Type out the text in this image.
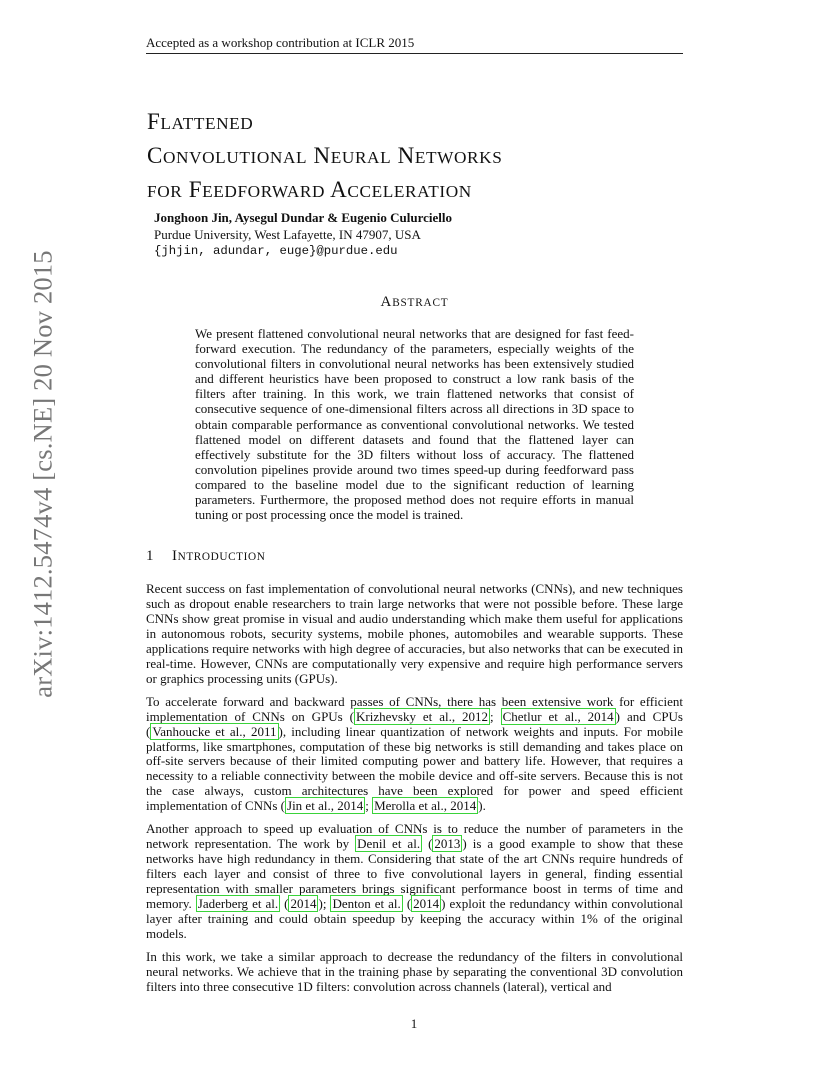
Accepted as a workshop contribution at ICLR 2015
arXiv:1412.5474v4 [cs.NE] 20 Nov 2015
FLATTENED
CONVOLUTIONAL NEURAL NETWORKS
FOR FEEDFORWARD ACCELERATION
Jonghoon Jin, Aysegul Dundar & Eugenio Culurciello
Purdue University, West Lafayette, IN 47907, USA
{jhjin, adundar, euge}@purdue.edu
ABSTRACT
We present flattened convolutional neural networks that are designed for fast feed-forward execution. The redundancy of the parameters, especially weights of the convolutional filters in convolutional neural networks has been extensively studied and different heuristics have been proposed to construct a low rank basis of the filters after training. In this work, we train flattened networks that consist of consecutive sequence of one-dimensional filters across all directions in 3D space to obtain comparable performance as conventional convolutional networks. We tested flattened model on different datasets and found that the flattened layer can effectively substitute for the 3D filters without loss of accuracy. The flattened convolution pipelines provide around two times speed-up during feedforward pass compared to the baseline model due to the significant reduction of learning parameters. Furthermore, the proposed method does not require efforts in manual tuning or post processing once the model is trained.
1 INTRODUCTION

Recent success on fast implementation of convolutional neural networks (CNNs), and new techniques such as dropout enable researchers to train large networks that were not possible before. These large CNNs show great promise in visual and audio understanding which make them useful for applications in autonomous robots, security systems, mobile phones, automobiles and wearable supports. These applications require networks with high degree of accuracies, but also networks that can be executed in real-time. However, CNNs are computationally very expensive and require high performance servers or graphics processing units (GPUs).

To accelerate forward and backward passes of CNNs, there has been extensive work for efficient implementation of CNNs on GPUs ( Krizhevsky et al., 2012 ; Chetlur et al., 2014 ) and CPUs ( Vanhoucke et al., 2011 ), including linear quantization of network weights and inputs. For mobile platforms, like smartphones, computation of these big networks is still demanding and takes place on off-site servers because of their limited computing power and battery life. However, that requires a necessity to a reliable connectivity between the mobile device and off-site servers. Because this is not the case always, custom architectures have been explored for power and speed efficient implementation of CNNs ( Jin et al., 2014 ; Merolla et al., 2014 ).

Another approach to speed up evaluation of CNNs is to reduce the number of parameters in the network representation. The work by Denil et al. ( 2013 ) is a good example to show that these networks have high redundancy in them. Considering that state of the art CNNs require hundreds of filters each layer and consist of three to five convolutional layers in general, finding essential representation with smaller parameters brings significant performance boost in terms of time and memory. Jaderberg et al. ( 2014 ); Denton et al. ( 2014 ) exploit the redundancy within convolutional layer after training and could obtain speedup by keeping the accuracy within 1% of the original models.

In this work, we take a similar approach to decrease the redundancy of the filters in convolutional neural networks. We achieve that in the training phase by separating the conventional 3D convolution filters into three consecutive 1D filters: convolution across channels (lateral), vertical and

1
